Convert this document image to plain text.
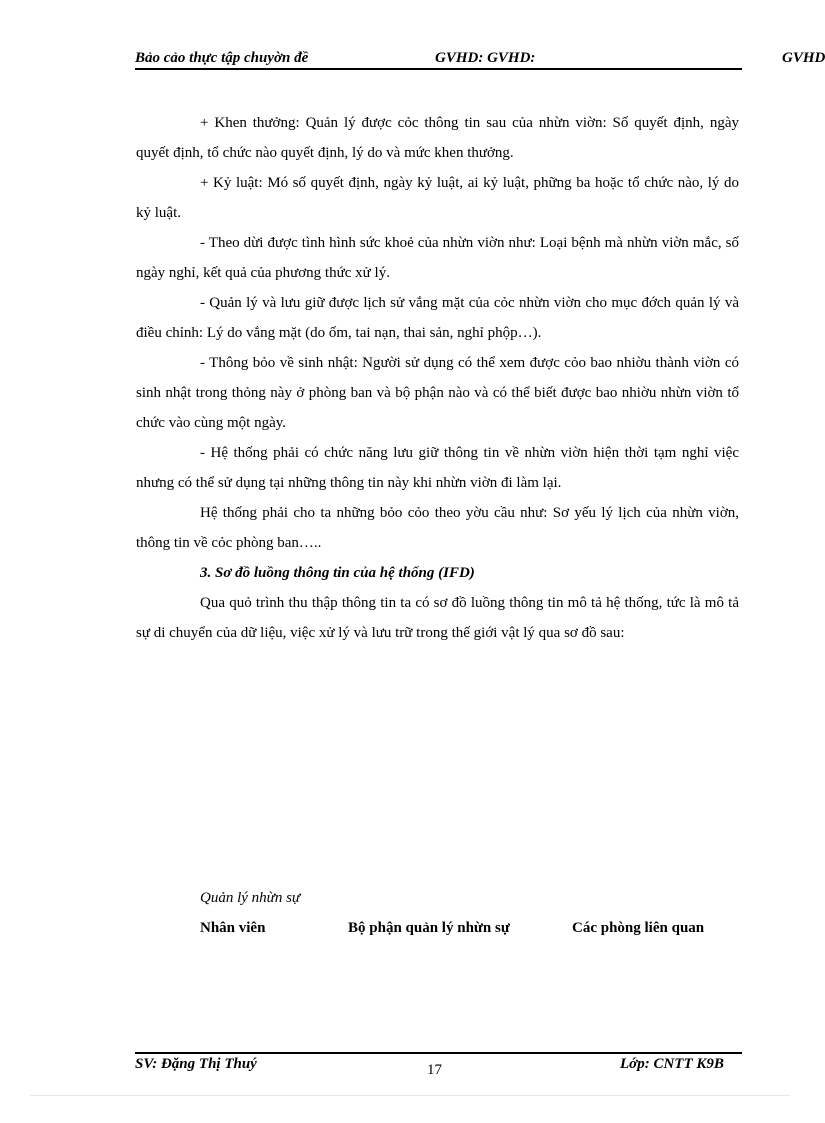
Bảo cảo thực tập chuyờn đề	GVHD: GVHD:	GVHD

+ Khen thưởng: Quản lý được cỏc thông tin sau của nhừn viờn: Số quyết định, ngày quyết định, tổ chức nào quyết định, lý do và mức khen thưởng.

+ Kỷ luật: Mó số quyết định, ngày kỷ luật, ai kỷ luật, phững ba hoặc tổ chức nào, lý do kỷ luật.

- Theo dừi được tình hình sức khoẻ của nhừn viờn như: Loại bệnh mà nhừn viờn mắc, số ngày nghỉ, kết quả của phương thức xử lý.

- Quản lý và lưu giữ được lịch sử vắng mặt của cỏc nhừn viờn cho mục đớch quản lý và điều chỉnh: Lý do vắng mặt (do ốm, tai nạn, thai sản, nghỉ phộp…).

- Thông bỏo về sinh nhật: Người sử dụng có thể xem được cỏo bao nhiờu thành viờn có sinh nhật trong thỏng này ở phòng ban và bộ phận nào và có thể biết được bao nhiờu nhừn viờn tổ chức vào cùng một ngày.

- Hệ thống phải có chức năng lưu giữ thông tin về nhừn viờn hiện thời tạm nghỉ việc nhưng có thể sử dụng tại những thông tin này khi nhừn viờn đi làm lại.

Hệ thống phải cho ta những bỏo cỏo theo yờu cầu như: Sơ yếu lý lịch của nhừn viờn, thông tin về cỏc phòng ban…..

3. Sơ đồ luồng thông tin của hệ thống (IFD)

Qua quỏ trình thu thập thông tin ta có sơ đồ luồng thông tin mô tả hệ thống, tức là mô tả sự di chuyển của dữ liệu, việc xử lý và lưu trữ trong thế giới vật lý qua sơ đồ sau:

Quản lý nhừn sự
Nhân viên	Bộ phận quản lý nhừn sự	Các phòng liên quan
SV: Đặng Thị Thuý	17	Lớp: CNTT K9B
